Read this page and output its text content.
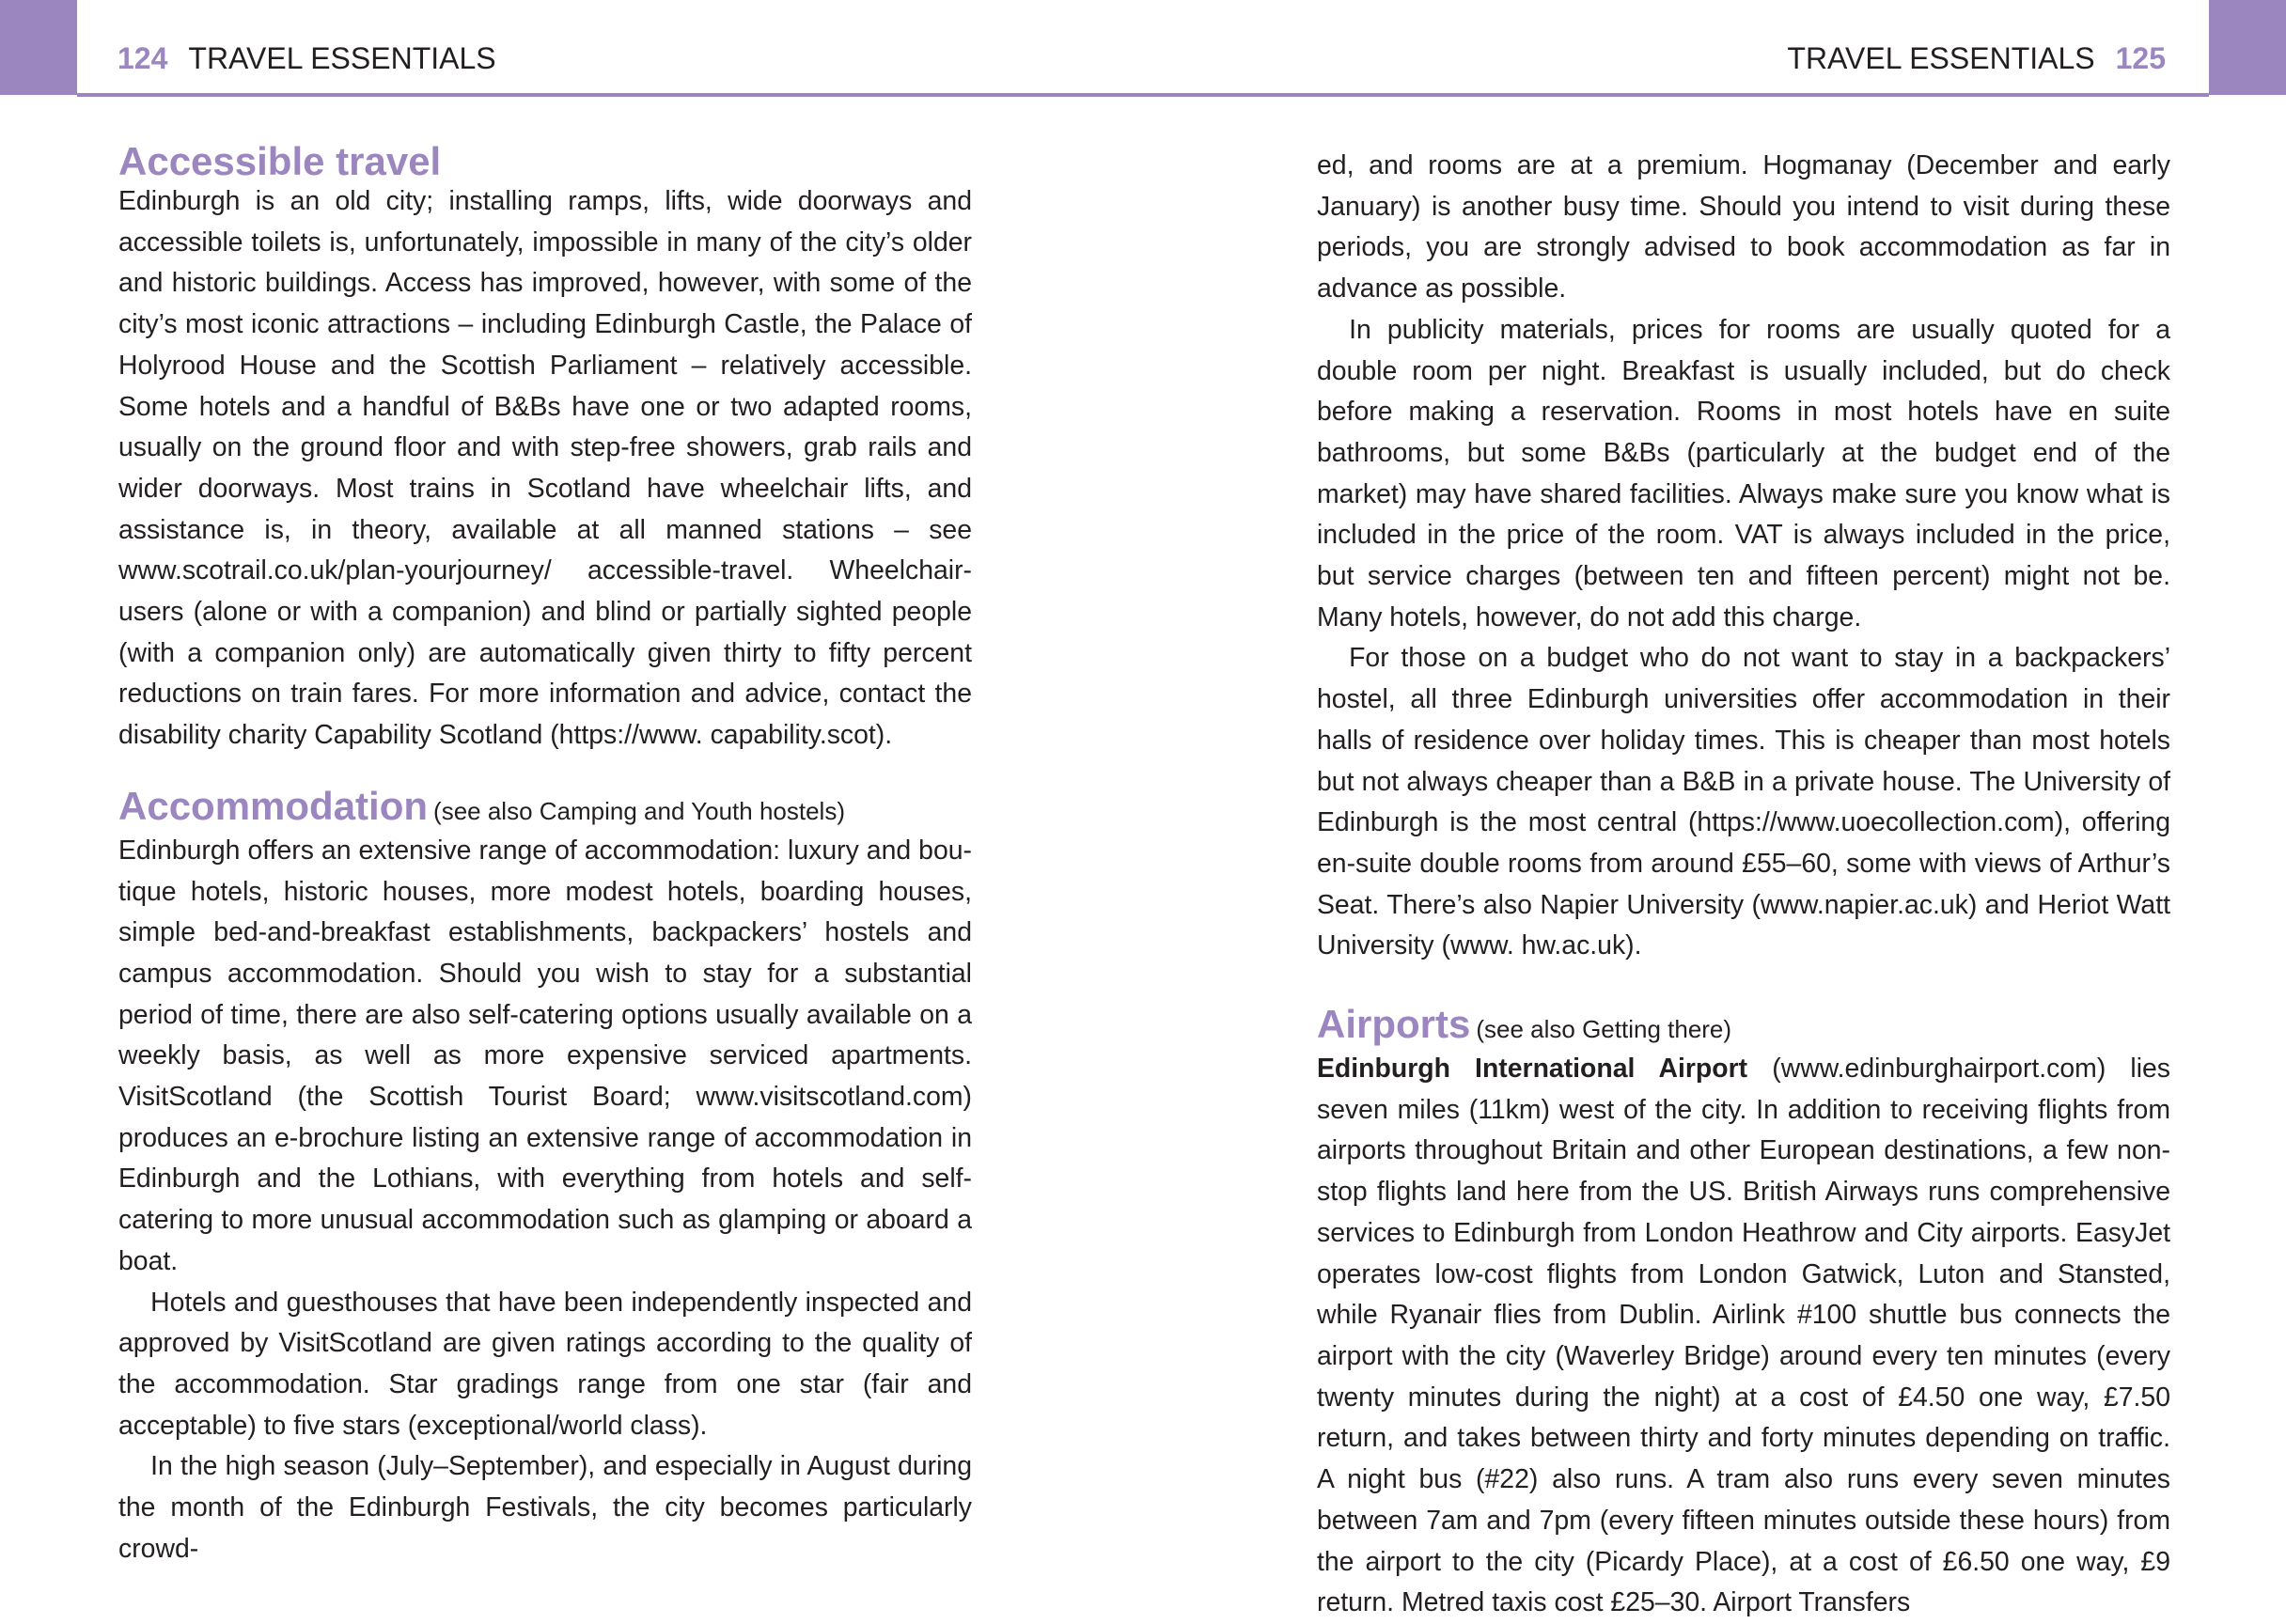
124 TRAVEL ESSENTIALS	TRAVEL ESSENTIALS 125
Accessible travel

Edinburgh is an old city; installing ramps, lifts, wide doorways and accessible toilets is, unfortunately, impossible in many of the city’s older and historic buildings. Access has improved, however, with some of the city’s most iconic attractions – including Edinburgh Castle, the Palace of Holyrood House and the Scottish Parliament – relatively accessible. Some hotels and a handful of B&Bs have one or two adapted rooms, usually on the ground floor and with step-free showers, grab rails and wider doorways. Most trains in Scotland have wheelchair lifts, and assistance is, in theory, available at all manned stations – see www.scotrail.co.uk/plan-yourjourney/ accessible-travel. Wheelchair-users (alone or with a companion) and blind or partially sighted people (with a companion only) are automatically given thirty to fifty percent reductions on train fares. For more information and advice, contact the disability charity Capability Scotland (https://www. capability.scot).

Accommodation (see also Camping and Youth hostels)

Edinburgh offers an extensive range of accommodation: luxury and boutique hotels, historic houses, more modest hotels, boarding houses, simple bed-and-breakfast establishments, backpackers’ hostels and campus accommodation. Should you wish to stay for a substantial period of time, there are also self-catering options usually available on a weekly basis, as well as more expensive serviced apartments. VisitScotland (the Scottish Tourist Board; www.visitscotland.com) produces an e-brochure listing an extensive range of accommodation in Edinburgh and the Lothians, with everything from hotels and self-catering to more unusual accommodation such as glamping or aboard a boat.

Hotels and guesthouses that have been independently inspected and approved by VisitScotland are given ratings according to the quality of the accommodation. Star gradings range from one star (fair and acceptable) to five stars (exceptional/world class).

In the high season (July–September), and especially in August during the month of the Edinburgh Festivals, the city becomes particularly crowd-

ed, and rooms are at a premium. Hogmanay (December and early January) is another busy time. Should you intend to visit during these periods, you are strongly advised to book accommodation as far in advance as possible.

In publicity materials, prices for rooms are usually quoted for a double room per night. Breakfast is usually included, but do check before making a reservation. Rooms in most hotels have en suite bathrooms, but some B&Bs (particularly at the budget end of the market) may have shared facilities. Always make sure you know what is included in the price of the room. VAT is always included in the price, but service charges (between ten and fifteen percent) might not be. Many hotels, however, do not add this charge.

For those on a budget who do not want to stay in a backpackers’ hostel, all three Edinburgh universities offer accommodation in their halls of residence over holiday times. This is cheaper than most hotels but not always cheaper than a B&B in a private house. The University of Edinburgh is the most central (https://www.uoecollection.com), offering en-suite double rooms from around £55–60, some with views of Arthur’s Seat. There’s also Napier University (www.napier.ac.uk) and Heriot Watt University (www. hw.ac.uk).

Airports (see also Getting there)

Edinburgh International Airport (www.edinburghairport.com) lies seven miles (11km) west of the city. In addition to receiving flights from airports throughout Britain and other European destinations, a few non-stop flights land here from the US. British Airways runs comprehensive services to Edinburgh from London Heathrow and City airports. EasyJet operates low-cost flights from London Gatwick, Luton and Stansted, while Ryanair flies from Dublin. Airlink #100 shuttle bus connects the airport with the city (Waverley Bridge) around every ten minutes (every twenty minutes during the night) at a cost of £4.50 one way, £7.50 return, and takes between thirty and forty minutes depending on traffic. A night bus (#22) also runs. A tram also runs every seven minutes between 7am and 7pm (every fifteen minutes outside these hours) from the airport to the city (Picardy Place), at a cost of £6.50 one way, £9 return. Metred taxis cost £25–30. Airport Transfers
